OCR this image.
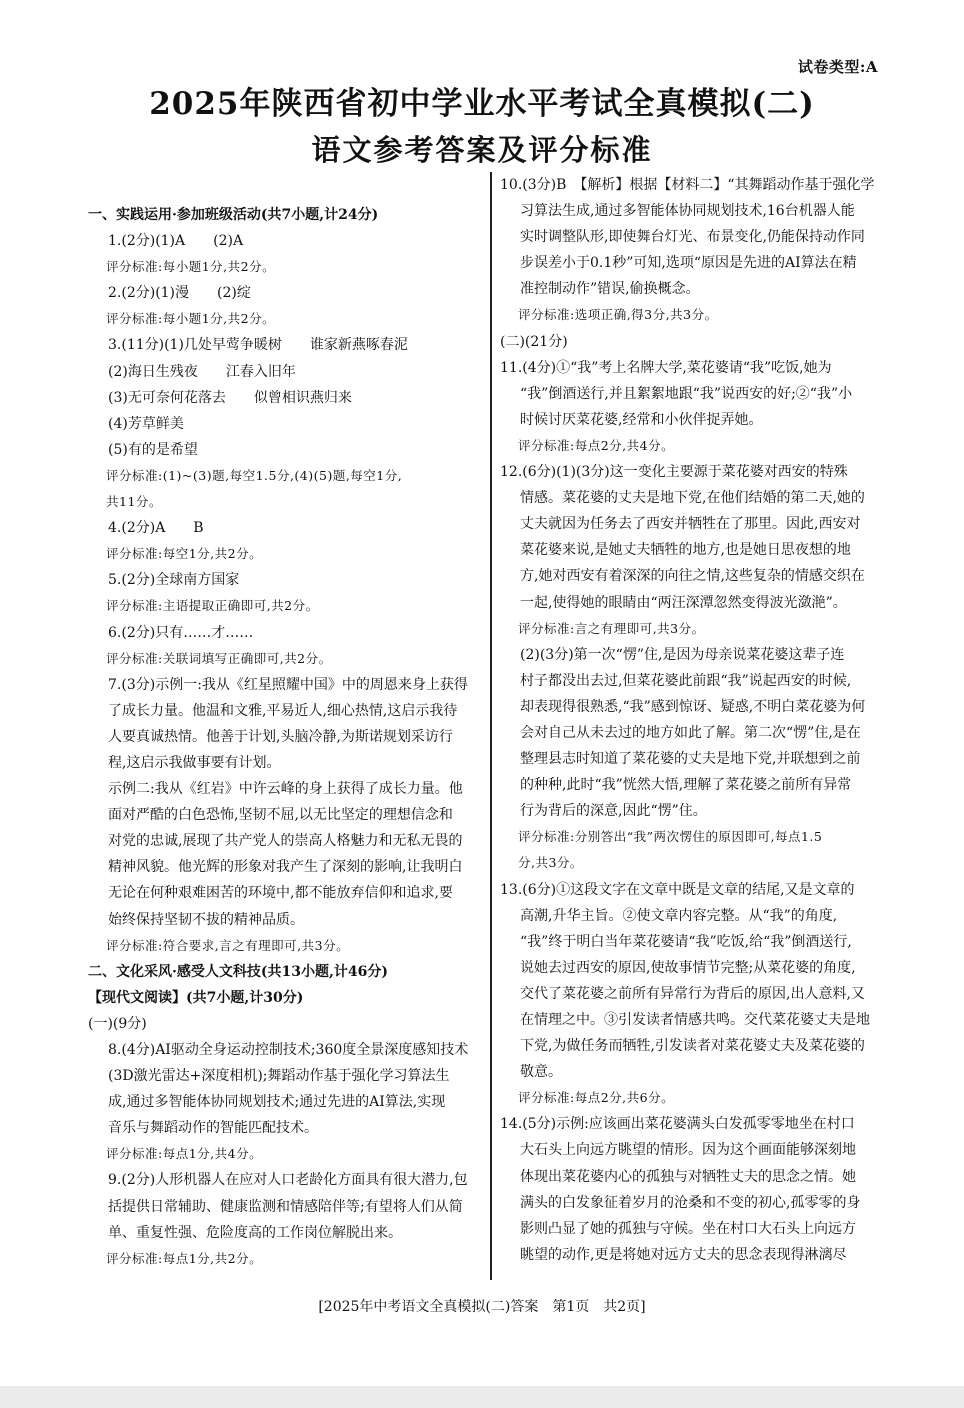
试卷类型:A
2025年陕西省初中学业水平考试全真模拟(二)
语文参考答案及评分标准

一、实践运用·参加班级活动(共7小题,计24分)

1.(2分)(1)A　　(2)A

评分标准:每小题1分,共2分。

2.(2分)(1)漫　　(2)绽

评分标准:每小题1分,共2分。

3.(11分)(1)几处早莺争暖树　　谁家新燕啄春泥

(2)海日生残夜　　江春入旧年

(3)无可奈何花落去　　似曾相识燕归来

(4)芳草鲜美

(5)有的是希望

评分标准:(1)~(3)题,每空1.5分,(4)(5)题,每空1分,

共11分。

4.(2分)A　　B

评分标准:每空1分,共2分。

5.(2分)全球南方国家

评分标准:主语提取正确即可,共2分。

6.(2分)只有……才……

评分标准:关联词填写正确即可,共2分。

7.(3分)示例一:我从《红星照耀中国》中的周恩来身上获得

了成长力量。他温和文雅,平易近人,细心热情,这启示我待

人要真诚热情。他善于计划,头脑冷静,为斯诺规划采访行

程,这启示我做事要有计划。

示例二:我从《红岩》中许云峰的身上获得了成长力量。他

面对严酷的白色恐怖,坚韧不屈,以无比坚定的理想信念和

对党的忠诚,展现了共产党人的崇高人格魅力和无私无畏的

精神风貌。他光辉的形象对我产生了深刻的影响,让我明白

无论在何种艰难困苦的环境中,都不能放弃信仰和追求,要

始终保持坚韧不拔的精神品质。

评分标准:符合要求,言之有理即可,共3分。

二、文化采风·感受人文科技(共13小题,计46分)

【现代文阅读】(共7小题,计30分)

(一)(9分)

8.(4分)AI驱动全身运动控制技术;360度全景深度感知技术

(3D激光雷达+深度相机);舞蹈动作基于强化学习算法生

成,通过多智能体协同规划技术;通过先进的AI算法,实现

音乐与舞蹈动作的智能匹配技术。

评分标准:每点1分,共4分。

9.(2分)人形机器人在应对人口老龄化方面具有很大潜力,包

括提供日常辅助、健康监测和情感陪伴等;有望将人们从简

单、重复性强、危险度高的工作岗位解脱出来。

评分标准:每点1分,共2分。

10.(3分)B　【解析】根据【材料二】“其舞蹈动作基于强化学

习算法生成,通过多智能体协同规划技术,16台机器人能

实时调整队形,即使舞台灯光、布景变化,仍能保持动作同

步误差小于0.1秒”可知,选项“原因是先进的AI算法在精

准控制动作”错误,偷换概念。

评分标准:选项正确,得3分,共3分。

(二)(21分)

11.(4分)①“我”考上名牌大学,菜花婆请“我”吃饭,她为

“我”倒酒送行,并且絮絮地跟“我”说西安的好;②“我”小

时候讨厌菜花婆,经常和小伙伴捉弄她。

评分标准:每点2分,共4分。

12.(6分)(1)(3分)这一变化主要源于菜花婆对西安的特殊

情感。菜花婆的丈夫是地下党,在他们结婚的第二天,她的

丈夫就因为任务去了西安并牺牲在了那里。因此,西安对

菜花婆来说,是她丈夫牺牲的地方,也是她日思夜想的地

方,她对西安有着深深的向往之情,这些复杂的情感交织在

一起,使得她的眼睛由“两汪深潭忽然变得波光潋滟”。

评分标准:言之有理即可,共3分。

(2)(3分)第一次“愣”住,是因为母亲说菜花婆这辈子连

村子都没出去过,但菜花婆此前跟“我”说起西安的时候,

却表现得很熟悉,“我”感到惊讶、疑惑,不明白菜花婆为何

会对自己从未去过的地方如此了解。第二次“愣”住,是在

整理县志时知道了菜花婆的丈夫是地下党,并联想到之前

的种种,此时“我”恍然大悟,理解了菜花婆之前所有异常

行为背后的深意,因此“愣”住。

评分标准:分别答出“我”两次愣住的原因即可,每点1.5

分,共3分。

13.(6分)①这段文字在文章中既是文章的结尾,又是文章的

高潮,升华主旨。②使文章内容完整。从“我”的角度,

“我”终于明白当年菜花婆请“我”吃饭,给“我”倒酒送行,

说她去过西安的原因,使故事情节完整;从菜花婆的角度,

交代了菜花婆之前所有异常行为背后的原因,出人意料,又

在情理之中。③引发读者情感共鸣。交代菜花婆丈夫是地

下党,为做任务而牺牲,引发读者对菜花婆丈夫及菜花婆的

敬意。

评分标准:每点2分,共6分。

14.(5分)示例:应该画出菜花婆满头白发孤零零地坐在村口

大石头上向远方眺望的情形。因为这个画面能够深刻地

体现出菜花婆内心的孤独与对牺牲丈夫的思念之情。她

满头的白发象征着岁月的沧桑和不变的初心,孤零零的身

影则凸显了她的孤独与守候。坐在村口大石头上向远方

眺望的动作,更是将她对远方丈夫的思念表现得淋漓尽

[2025年中考语文全真模拟(二)答案　第1页　共2页]
